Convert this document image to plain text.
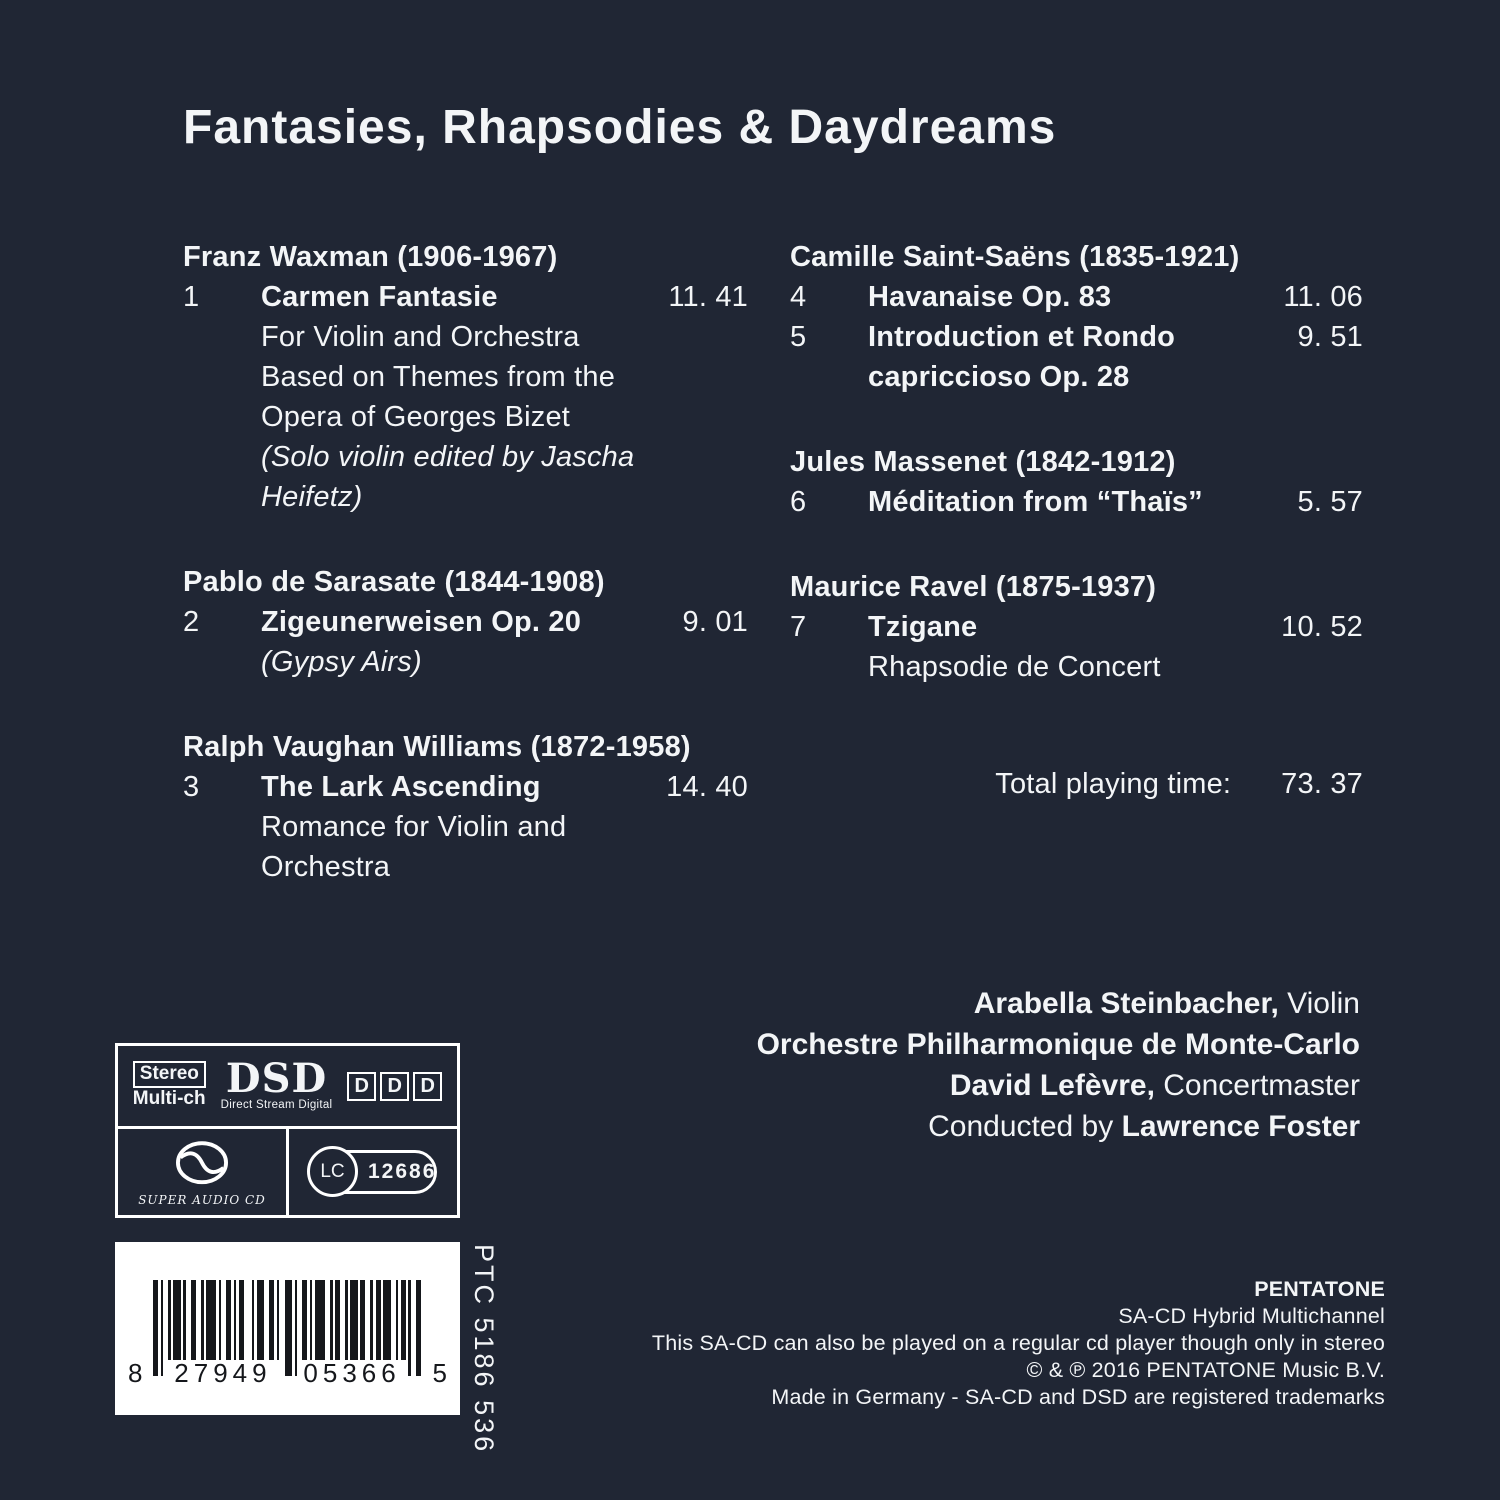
Fantasies, Rhapsodies & Daydreams
Franz Waxman (1906-1967)
1	Carmen Fantasie	11. 41
For Violin and Orchestra
Based on Themes from the
Opera of Georges Bizet
(Solo violin edited by Jascha
Heifetz)
Pablo de Sarasate (1844-1908)
2	Zigeunerweisen Op. 20	9. 01
(Gypsy Airs)
Ralph Vaughan Williams (1872-1958)
3	The Lark Ascending	14. 40
Romance for Violin and
Orchestra
Total playing time: 73. 37
Camille Saint-Saëns (1835-1921)
4	Havanaise Op. 83	11. 06
5	Introduction et Rondo	9. 51
capriccioso Op. 28
Jules Massenet (1842-1912)
6	Méditation from “Thaïs”	5. 57
Maurice Ravel (1875-1937)
7	Tzigane	10. 52
Rhapsodie de Concert
Arabella Steinbacher, Violin
Orchestre Philharmonique de Monte-Carlo
David Lefèvre, Concertmaster
Conducted by Lawrence Foster
Stereo
Multi-ch DSD
Direct Stream Digital
D D D
SUPER AUDIO CD
LC	12686
8 27949 05366 5 PTC 5186 536	PENTATONE
SA-CD Hybrid Multichannel
This SA-CD can also be played on a regular cd player though only in stereo
© & ℗ 2016 PENTATONE Music B.V.
Made in Germany - SA-CD and DSD are registered trademarks
